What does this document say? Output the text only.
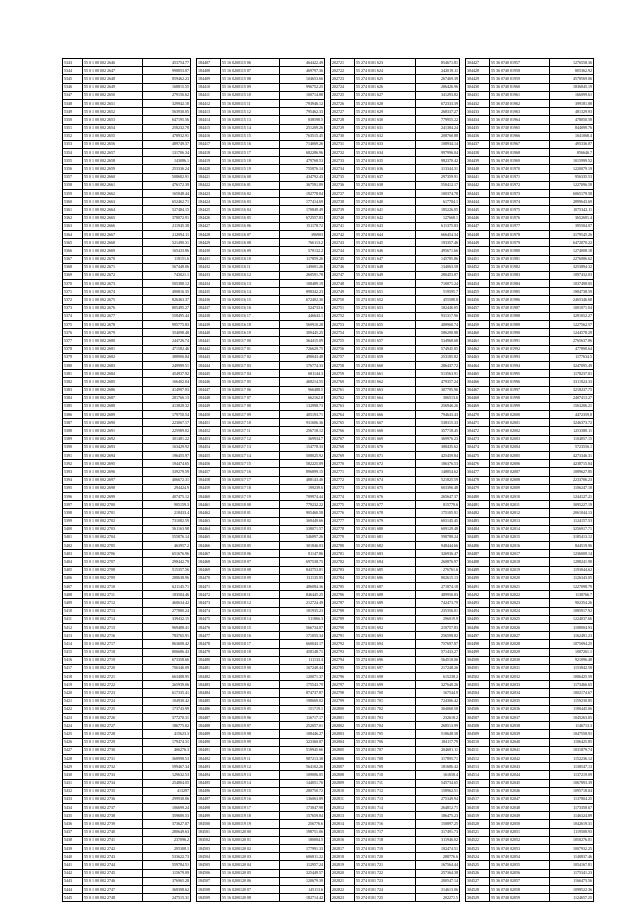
5343	55 0 1 00 002 2646	453754.77
5344	55 0 1 00 002 2647	998853.07
5345	55 0 1 00 002 2648	859462.23
5346	55 0 1 00 002 2649	168815.55
5347	55 0 1 00 002 2650	279156.62
5348	55 0 1 00 002 2651	329942.18
5349	55 0 1 00 002 2652	563930.05
5350	55 0 1 00 002 2653	647195.56
5351	55 0 1 00 002 2654	258232.78
5352	55 0 1 00 002 2655	478932.91
5353	55 0 1 00 002 2656	489749.37
5354	55 0 1 00 002 2657	131706.34
5355	55 0 1 00 002 2658	143086.1
5356	55 0 1 00 002 2659	253336.24
5357	55 0 1 00 002 2660	508682.91
5358	55 0 1 00 002 2661	476172.39
5359	55 0 1 00 002 2662	165048.44
5360	55 0 1 00 002 2663	652462.71
5361	55 0 1 00 002 2664	527484.15
5362	55 0 1 00 002 2665	378072.91
5363	55 0 1 00 002 2666	211945.38
5364	55 0 1 00 002 2667	212094.11
5365	55 0 1 00 002 2668	521490.31
5366	55 0 1 00 002 2669	165433.86
5367	55 0 1 00 002 2670	118151.6
5368	55 0 1 00 002 2671	567448.06
5369	55 0 1 00 002 2672	743021.1
5370	55 0 1 00 002 2673	505388.12
5371	55 0 1 00 002 2674	490816.35
5372	55 0 1 00 002 2675	826463.37
5373	55 0 1 00 002 2676	805495.27
5374	55 0 1 00 002 2677	558495.44
5375	55 0 1 00 002 2678	995775.83
5376	55 0 1 00 002 2679	354098.48
5377	55 0 1 00 002 2680	244726.74
5378	55 0 1 00 002 2681	471582.46
5379	55 0 1 00 002 2682	388906.84
5380	55 0 1 00 002 2683	249989.51
5381	55 0 1 00 002 2684	454937.92
5382	55 0 1 00 002 2685	166402.04
5383	55 0 1 00 002 2686	414997.93
5384	55 0 1 00 002 2687	281766.13
5385	55 0 1 00 002 2688	413828.32
5386	55 0 1 00 002 2689	179750.54
5387	55 0 1 00 002 2690	223067.17
5388	55 0 1 00 002 2691	225989.02
5389	55 0 1 00 002 2692	301481.22
5390	55 0 1 00 002 2693	163429.92
5391	55 0 1 00 002 2694	196455.97
5392	55 0 1 00 002 2695	194474.65
5393	55 0 1 00 002 2696	339279.59
5394	55 0 1 00 002 2697	406672.31
5395	55 0 1 00 002 2698	294424.9
5396	55 0 1 00 002 2699	407475.12
5397	55 0 1 00 002 2700	905159.3
5398	55 0 1 00 002 2701	218433.4
5399	55 0 1 00 002 2702	731082.59
5400	55 0 1 00 002 2703	561163.98
5401	55 0 1 00 002 2704	555876.14
5402	55 0 1 00 002 2705	463957.2
5403	55 0 1 00 002 2706	651676.96
5404	55 0 1 00 002 2707	298442.79
5405	55 0 1 00 002 2708	515357.56
5406	55 0 1 00 002 2709	288638.96
5407	55 0 1 00 002 2710	621145.71
5408	55 0 1 00 002 2711	183504.46
5409	55 0 1 00 002 2712	460634.42
5410	55 0 1 00 002 2713	277880.24
5411	55 0 1 00 002 2714	339432.15
5412	55 0 1 00 002 2715	969488.41
5413	55 0 1 00 002 2716	783765.91
5414	55 0 1 00 002 2717	863608.42
5415	55 0 1 00 002 2718	806686.43
5416	55 0 1 00 002 2719	673358.66
5417	55 0 1 00 002 2720	706346.09
5418	55 0 1 00 002 2721	663408.95
5419	55 0 1 00 002 2722	265939.06
5420	55 0 1 00 002 2723	617335.41
5421	55 0 1 00 002 2724	104930.42
5422	55 0 1 00 002 2725	173743.99
5423	55 0 1 00 002 2726	377270.31
5424	55 0 1 00 002 2727	186775.02
5425	55 0 1 00 002 2728	415623.3
5426	55 0 1 00 002 2729	179474.31
5427	55 0 1 00 002 2730	406276.3
5428	55 0 1 00 002 2731	368998.53
5429	55 0 1 00 002 2732	599467.34
5430	55 0 1 00 002 2733	129632.53
5431	55 0 1 00 002 2734	254804.05
5432	55 0 1 00 002 2735	413297
5433	55 0 1 00 002 2736	299930.06
5434	55 0 1 00 002 2737	106699.24
5435	55 0 1 00 002 2738	359680.53
5436	55 0 1 00 002 2739	373627.07
5437	55 0 1 00 002 2740	280649.63
5438	55 0 1 00 002 2741	237096.2
5439	55 0 1 00 002 2742	295308.1
5440	55 0 1 00 002 2743	533622.73
5441	55 0 1 00 002 2744	559784.51
5442	55 0 1 00 002 2745	115679.09
5443	55 0 1 00 002 2746	376965.28
5444	55 0 1 00 002 2747	368398.62
5445	55 0 1 00 002 2748	247515.31
184407	55 16 0200115 06	464422.49
184408	55 16 0200115 07	469797.36
184409	55 16 0200115 08	104653.66
184410	55 16 0200115 09	996752.25
184411	55 16 0200115 10	100714.88
184412	55 16 0200115 11	793946.12
184413	55 16 0200115 12	795462.33
184414	55 16 0200115 13	838598.5
184415	55 16 0200115 14	251209.26
184416	55 16 0200115 15	763515.45
184417	55 16 0200115 16	714069.26
184418	55 16 0200115 17	682286.96
184419	55 16 0200115 18	479768.53
184420	55 16 0200115 19	755876.14
184421	55 16 0200116 00	434792.43
184422	55 16 0200116 01	367591.89
184423	55 16 0200116 02	192778.04
184424	55 16 0200116 03	177414.69
184425	55 16 0200116 04	170849.49
184426	55 16 0200116 05	672557.83
184427	55 16 0200116 06	151178.72
184428	55 16 0200116 07	396903
184429	55 16 0200116 08	766113.2
184430	55 16 0200116 09	570132.2
184431	55 16 0200116 10	117859.26
184432	55 16 0200116 11	149001.26
184433	55 16 0200116 12	260591.78
184434	55 16 0200116 13	108489.19
184435	55 16 0200116 14	898342.23
184436	55 16 0200116 15	672402.36
184437	55 16 0200116 16	524733.6
184438	55 16 0200116 17	446643.1
184439	55 16 0200116 18	569910.28
184440	55 16 0200116 19	309445.25
184441	55 16 0200117 00	364415.09
184442	55 16 0200117 01	726629.75
184443	55 16 0200117 02	498043.48
184444	55 16 0200117 03	176774.33
184445	55 16 0200117 04	681144.3
184446	55 16 0200117 05	468214.55
184447	55 16 0200117 06	966488.5
184448	55 16 0200117 07	662162.8
184449	55 16 0200117 08	132998.73
184450	55 16 0200117 09	405193.71
184451	55 16 0200117 10	931606.36
184452	55 16 0200117 11	256718.12
184453	55 16 0200117 12	369934.7
184454	55 16 0200117 13	154778.33
184455	55 16 0200117 14	508025.92
184456	55 16 0200117 15	582225.09
184457	55 16 0200117 16	896899.15
184458	55 16 0200117 17	488143.46
184459	55 16 0200117 18	199239.6
184460	55 16 0200117 19	709974.44
184461	55 16 0200118 00	779232.22
184462	55 16 0200118 01	905460.58
184463	55 16 0200118 02	369449.66
184464	55 16 0200118 03	338071.57
184465	55 16 0200118 04	546897.26
184466	55 16 0200118 05	301846.03
184467	55 16 0200118 06	81147.86
184468	55 16 0200118 07	697538.75
184469	55 16 0200118 08	843753.81
184470	55 16 0200118 09	131135.95
184471	55 16 0200118 10	486084.36
184472	55 16 0200118 11	846445.25
184473	55 16 0200118 12	212724.49
184474	55 16 0200118 13	181935.23
184475	55 16 0200118 14	511866.3
184476	55 16 0200118 15	566734.07
184477	55 16 0200118 16	171055.34
184478	55 16 0200118 17	660043.17
184479	55 16 0200118 18	458148.71
184480	55 16 0200118 19	111133.4
184481	55 16 0200119 00	167240.44
184482	55 16 0200119 01	120071.37
184483	55 16 0200119 02	175543.79
184484	55 16 0200119 03	874737.87
184485	55 16 0200119 04	198669.02
184486	55 16 0200119 05	151719.1
184487	55 16 0200119 06	116717.17
184488	55 16 0200119 07	252057.01
184489	55 16 0200119 08	108446.27
184490	55 16 0200119 09	323360.87
184491	55 16 0200119 10	519945.66
184492	55 16 0200119 11	987213.38
184493	55 16 0200119 12	564102.26
184494	55 16 0200119 13	109006.05
184495	55 16 0200119 14	144051.76
184496	55 16 0200119 15	280750.72
184497	55 16 0200119 16	136063.89
184498	55 16 0200119 17	173047.98
184499	55 16 0200119 18	157659.84
184500	55 16 0200119 19	256776.6
184501	55 16 0200120 00	198751.06
184502	55 16 0200120 01	180004.5
184503	55 16 0200120 02	177991.33
184504	55 16 0200120 03	606811.22
184505	55 16 0200120 04	112957.24
184506	55 16 0200120 05	325449.57
184507	55 16 0200120 06	120679.39
184508	55 16 0200120 07	145113.6
184509	55 16 0200120 08	182714.42
202721	55 274 0101 623	854671.81
202722	55 274 0101 624	242019.11
202723	55 274 0101 625	267469.39
202724	55 274 0101 626	286426.96
202725	55 274 0101 627	341293.82
202726	55 274 0101 628	672333.39
202727	55 274 0101 629	268337.27
202728	55 274 0101 630	779955.22
202729	55 274 0101 631	241384.24
202730	55 274 0101 632	208760.88
202731	55 274 0101 633	108934.14
202732	55 274 0101 634	997996.04
202733	55 274 0101 635	982370.42
202734	55 274 0101 636	313344.31
202735	55 274 0101 637	297359.91
202736	55 274 0101 638	550412.17
202737	55 274 0101 639	100374.78
202738	55 274 0101 640	617704.1
202739	55 274 0101 641	185226.05
202740	55 274 0101 642	127668.1
202741	55 274 0101 643	611375.83
202742	55 274 0101 644	666454.34
202743	55 274 0101 645	193357.46
202744	55 274 0101 646	495671.66
202745	55 274 0101 647	145785.86
202746	55 274 0101 648	134063.58
202747	55 274 0101 649	280453.87
202748	55 274 0101 650	710071.24
202749	55 274 0101 651	519595.7
202750	55 274 0101 652	455588.8
202751	55 274 0101 653	182446.05
202752	55 274 0101 654	931317.96
202753	55 274 0101 655	408960.74
202754	55 274 0101 656	586290.88
202755	55 274 0101 657	534968.68
202756	55 274 0101 658	574945.85
202757	55 274 0101 659	253185.82
202758	55 274 0101 660	286437.72
202759	55 274 0101 661	513563.91
202760	55 274 0101 662	479357.24
202761	55 274 0101 663	307795.96
202762	55 274 0101 664	306513.6
202763	55 274 0101 665	256946.26
202764	55 274 0101 666	794643.43
202765	55 274 0101 667	538315.33
202766	55 274 0101 668	357718.45
202767	55 274 0101 669	369976.23
202768	55 274 0101 670	388435.62
202769	55 274 0101 671	425459.84
202770	55 274 0101 672	186376.53
202771	55 274 0101 673	148854.62
202772	55 274 0101 674	521825.59
202773	55 274 0101 675	603396.48
202774	55 274 0101 676	265647.37
202775	55 274 0101 677	815779.6
202776	55 274 0101 678	175105.91
202777	55 274 0101 679	603145.45
202778	55 274 0101 680	609129.48
202779	55 274 0101 681	598788.24
202780	55 274 0101 682	948444.66
202781	55 274 0101 683	326936.47
202782	55 274 0101 684	260876.97
202783	55 274 0101 685	276761.6
202784	55 274 0101 686	802615.13
202785	55 274 0101 687	271874.18
202786	55 274 0101 688	489956.83
202787	55 274 0101 689	742473.79
202788	55 274 0101 690	235356.01
202789	55 274 0101 691	296019.9
202790	55 274 0101 692	210757.83
202791	55 274 0101 693	256598.82
202792	55 274 0101 694	757697.87
202793	55 274 0101 695	571433.27
202794	55 274 0101 696	564518.06
202795	55 274 0101 697	217248.26
202796	55 274 0101 698	615238.2
202797	55 274 0101 699	327640.26
202798	55 274 0101 700	167544.9
202799	55 274 0101 701	724306.42
202800	55 274 0101 702	304068.58
202801	55 274 0101 703	232618.2
202802	55 274 0101 704	268513.99
202803	55 274 0101 705	518648.58
202804	55 274 0101 706	184117.79
202805	55 274 0101 707	204681.11
202806	55 274 0101 708	317895.71
202807	55 274 0101 709	181686.42
202808	55 274 0101 710	161658.4
202809	55 274 0101 711	545734.65
202810	55 274 0101 712	158962.51
202811	55 274 0101 713	275349.94
202812	55 274 0101 714	264812.71
202813	55 274 0101 715	186475.23
202814	55 274 0101 716	150897.25
202815	55 274 0101 717	317491.73
202816	55 274 0101 718	311946.02
202817	55 274 0101 719	102474.51
202818	55 274 0101 720	288776.6
202819	55 274 0101 721	167564.44
202820	55 274 0101 722	257364.38
202821	55 274 0101 723	200547.14
202822	55 274 0101 724	314613.06
202823	55 274 0101 725	202271.5
304427	55 36 0740 01957	1276558.36
304428	55 36 0740 01958	805362.92
304429	55 36 0740 01959	4578569.06
304430	55 36 0740 01960	1836845.19
304431	55 36 0740 01961	166099.61
304432	55 36 0740 01962	399181.08
304433	55 36 0740 01963	481329.93
304434	55 36 0740 01964	478050.58
304435	55 36 0740 01965	844099.76
304436	55 36 0740 01966	1641068.4
304437	55 36 0740 01967	495336.07
304438	55 36 0740 01968	856646.7
304439	55 36 0740 01969	1015999.52
304440	55 36 0740 01970	1220079.19
304441	55 36 0740 01971	956335.53
304442	55 36 0740 01972	1227096.58
304443	55 36 0740 01973	6065179.58
304444	55 36 0740 01974	2899643.69
304445	55 36 0740 01975	1075342.11
304446	55 36 0740 01976	3652691.4
304447	55 36 0740 01977	395504.07
304448	55 36 0740 01978	3179545.26
304449	55 36 0740 01979	6472070.22
304450	55 36 0740 01980	1274008.18
304451	55 36 0740 01981	2276086.62
304452	55 36 0740 01982	3253894.32
304453	55 36 0740 01983	1097432.03
304454	55 36 0740 01984	1037498.05
304455	55 36 0740 01985	1984738.59
304456	55 36 0740 01986	2465346.68
304457	55 36 0740 01987	1001071.04
304458	55 36 0740 01988	3291652.27
304459	55 36 0740 01989	1227562.57
304460	55 36 0740 01990	1244578.29
304461	55 36 0740 01991	2765637.86
304462	55 36 0740 01992	477890.64
304463	55 36 0740 01993	1177634.5
304464	55 36 0740 01994	3247095.49
304465	55 36 0740 01995	1178237.01
304466	55 36 0740 01996	3311024.33
304467	55 36 0740 01997	3218237.75
304468	55 36 0740 01998	2407413.27
304469	55 36 0740 01999	1563206.21
304470	55 36 0740 02000	4472359.8
304471	55 36 0740 02001	3246373.72
304472	55 36 0740 02002	1253380.11
304473	55 36 0740 02003	1104057.15
304474	55 36 0740 02004	5723556.1
304475	55 36 0740 02005	4273346.31
304476	55 36 0740 02006	4238715.04
304477	55 36 0740 02007	1089627.85
304478	55 36 0740 02008	2233706.23
304479	55 36 0740 02009	1106247.18
304480	55 36 0740 02010	1244127.21
304481	55 36 0740 02011	3095227.19
304482	55 36 0740 02012	2061044.13
304483	55 36 0740 02013	1124157.53
304484	55 36 0740 02014	3256917.71
304485	55 36 0740 02015	3185413.12
304486	55 36 0740 02016	844519.96
304487	55 36 0740 02017	1236009.14
304488	55 36 0740 02018	1288241.98
304489	55 36 0740 02019	1193044.62
304490	55 36 0740 02020	1126343.05
304491	55 36 0740 02021	1227098.79
304492	55 36 0740 02022	1138766.7
304493	55 36 0740 02023	902354.26
304494	55 36 0740 02024	1085917.92
304495	55 36 0740 02025	1224037.66
304496	55 36 0740 02026	1108004.93
304497	55 36 0740 02027	1162491.23
304498	55 36 0740 02028	1075094.25
304499	55 36 0740 02029	1007261.1
304500	55 36 0740 02030	921096.48
304501	55 36 0740 02031	1153842.58
304502	55 36 0740 02032	1086425.59
304503	55 36 0740 02033	1173466.65
304504	55 36 0740 02034	1002174.67
304505	55 36 0740 02035	1159230.85
304506	55 36 0740 02036	1180445.06
304507	55 36 0740 02037	1045263.05
304508	55 36 0740 02038	1146713.3
304509	55 36 0740 02039	1047558.91
304510	55 36 0740 02040	1106425.85
304511	55 36 0740 02041	1031879.74
304512	55 36 0740 02042	1152236.12
304513	55 36 0740 02043	1138547.13
304514	55 36 0740 02044	1137219.09
304515	55 36 0740 02045	1067893.39
304516	55 36 0740 02046	1095718.04
304517	55 36 0740 02047	1137804.25
304518	55 36 0740 02048	1173358.67
304519	55 36 0740 02049	1146324.89
304520	55 36 0740 02050	1042619.31
304521	55 36 0740 02051	1119508.93
304522	55 36 0740 02052	1050276.01
304523	55 36 0740 02053	1007932.25
304524	55 36 0740 02054	1140837.46
304525	55 36 0740 02055	1054167.81
304526	55 36 0740 02056	1175341.23
304527	55 36 0740 02057	1166473.56
304528	55 36 0740 02058	1098522.36
304529	55 36 0740 02059	1124657.25
